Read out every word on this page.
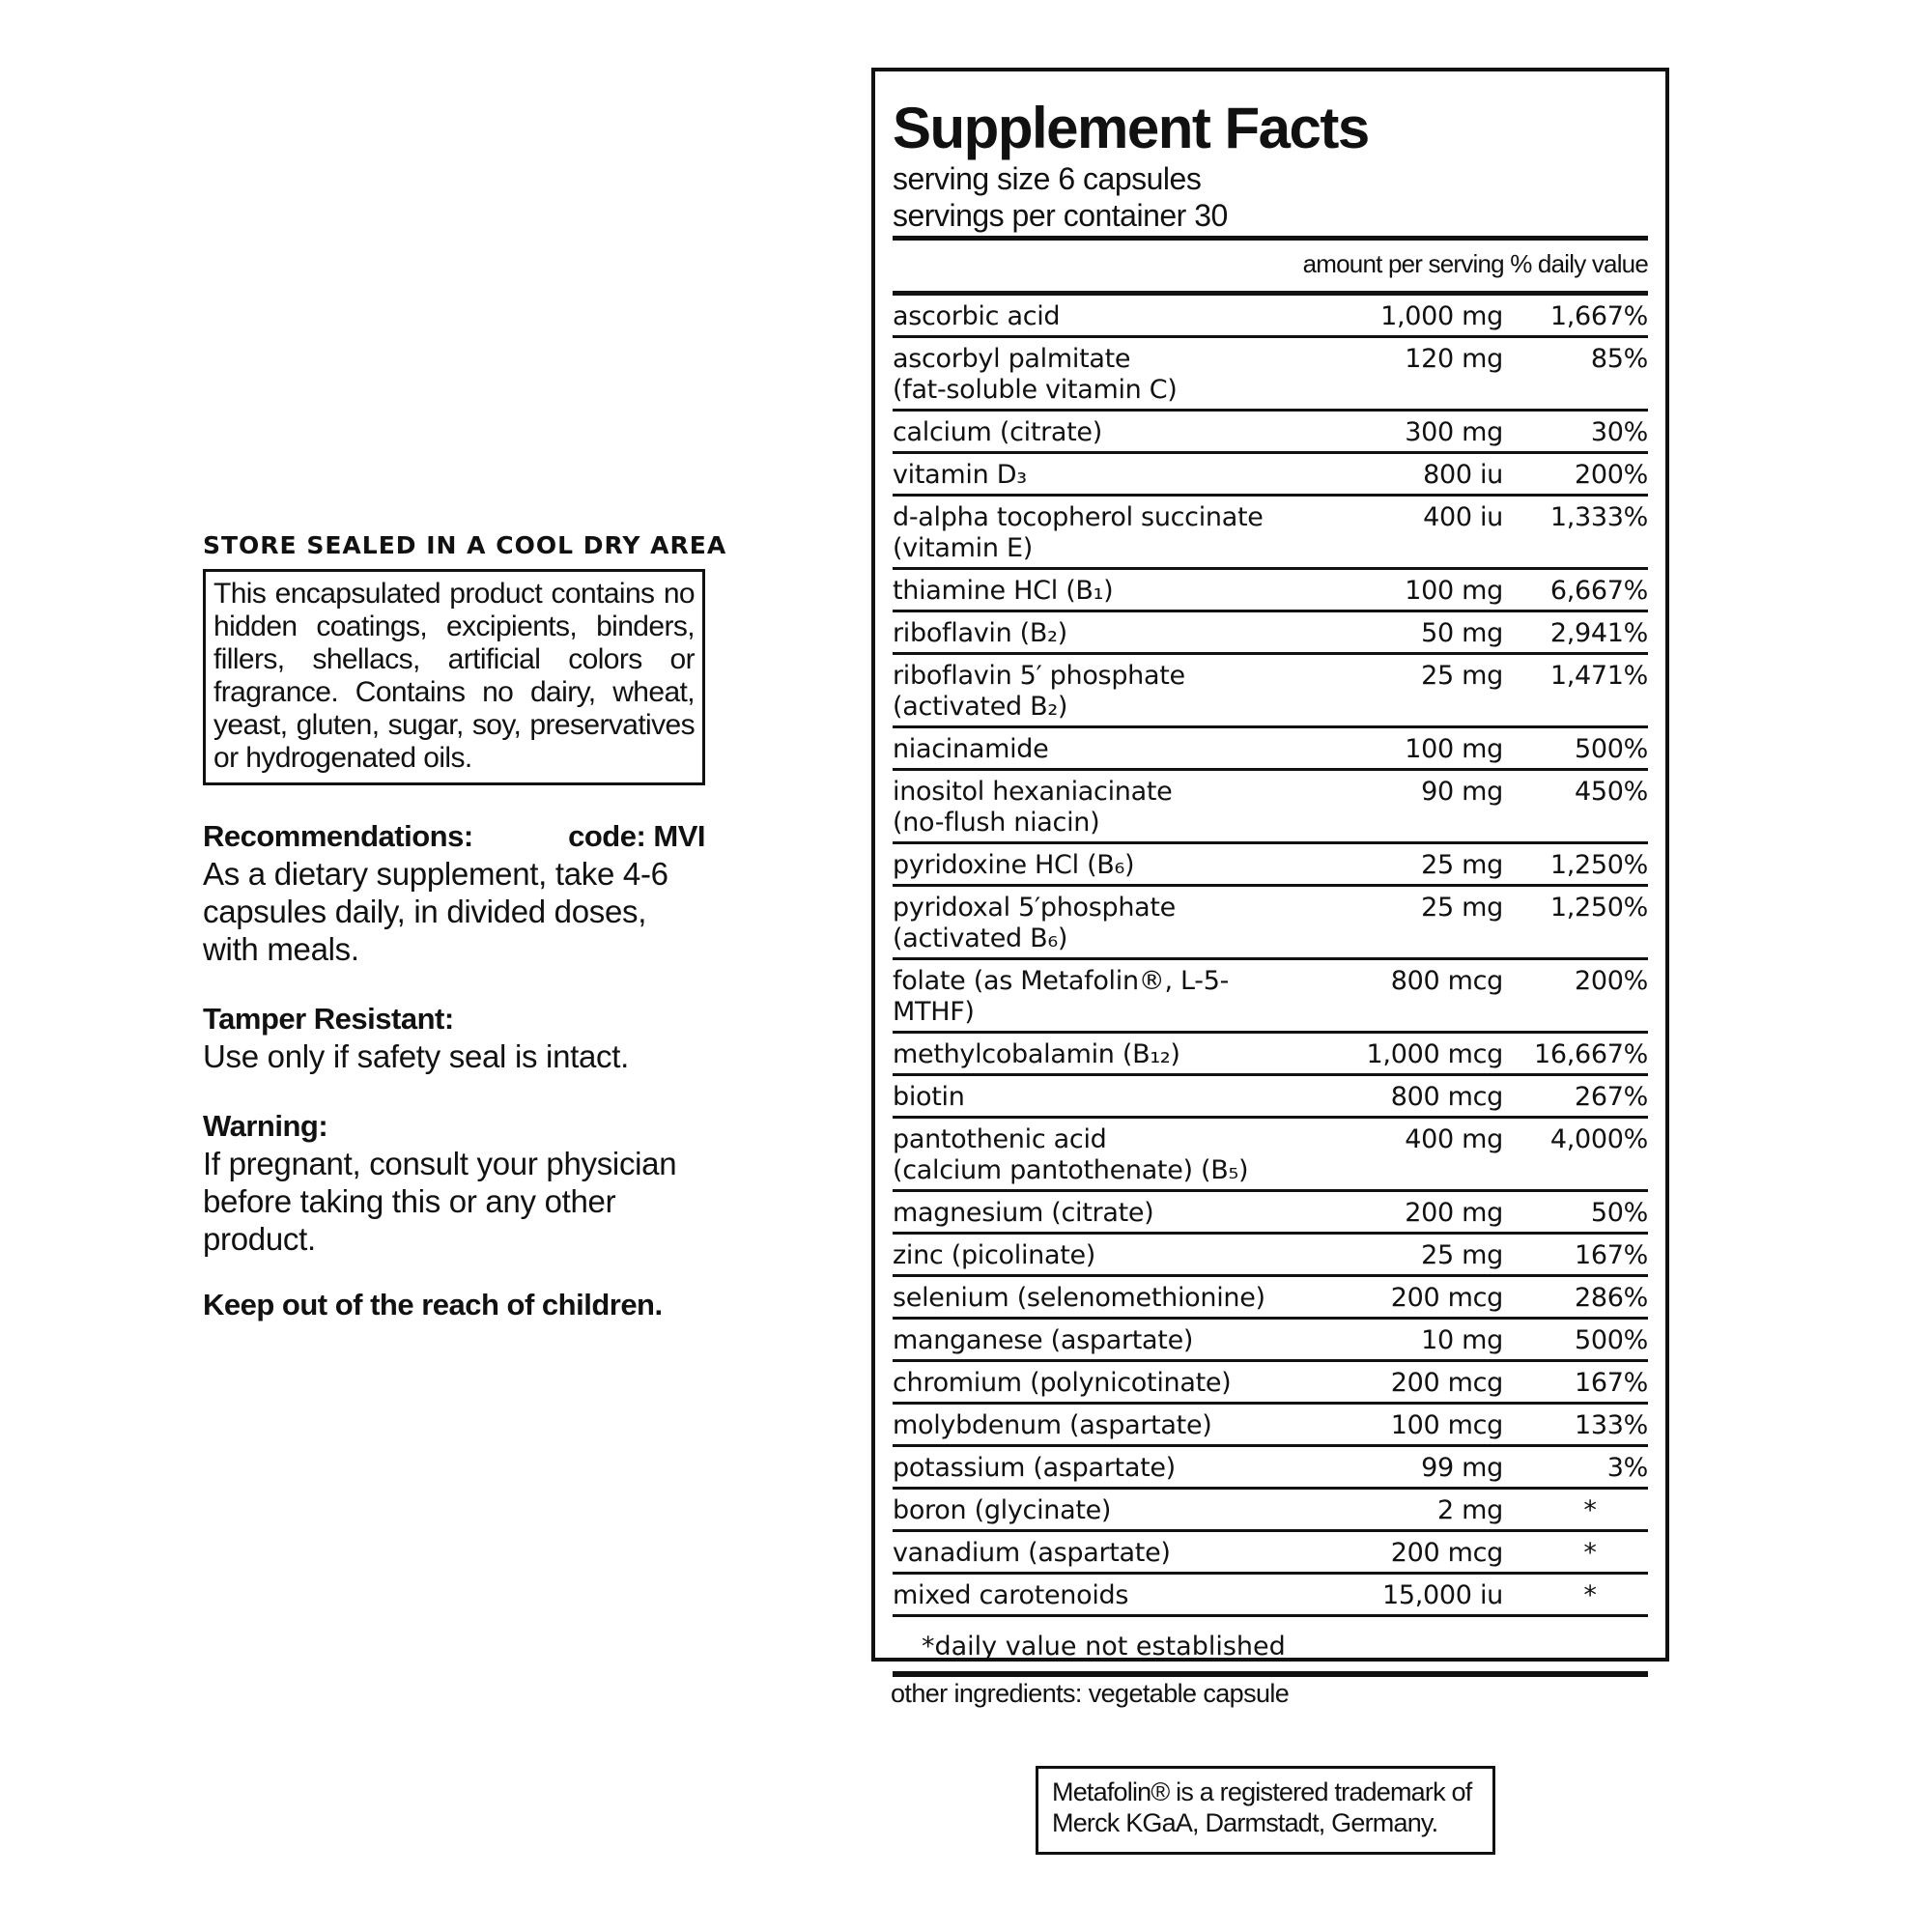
STORE SEALED IN A COOL DRY AREA
This encapsulated product contains no hidden coatings, excipients, binders, fillers, shellacs, artificial colors or fragrance. Contains no dairy, wheat, yeast, gluten, sugar, soy, preservatives or hydrogenated oils.
Recommendations:	code: MVI
As a dietary supplement, take 4-6 capsules daily, in divided doses, with meals.
Tamper Resistant:
Use only if safety seal is intact.
Warning:
If pregnant, consult your physician before taking this or any other product.
Keep out of the reach of children.
Supplement Facts
serving size 6 capsules
servings per container 30
amount per serving % daily value
ascorbic acid	1,000 mg	1,667%
ascorbyl palmitate
(fat-soluble vitamin C)
120 mg	85%
calcium (citrate)	300 mg	30%
vitamin D₃	800 iu	200%
d-alpha tocopherol succinate
(vitamin E)
400 iu	1,333%
thiamine HCl (B₁)	100 mg	6,667%
riboflavin (B₂)	50 mg	2,941%
riboflavin 5′ phosphate
(activated B₂)
25 mg	1,471%
niacinamide	100 mg	500%
inositol hexaniacinate
(no-flush niacin)
90 mg	450%
pyridoxine HCl (B₆)	25 mg	1,250%
pyridoxal 5′phosphate
(activated B₆)
25 mg	1,250%
folate (as Metafolin®, L-5-MTHF)
800 mcg	200%
methylcobalamin (B₁₂)	1,000 mcg	16,667%
biotin	800 mcg	267%
pantothenic acid
(calcium pantothenate) (B₅)
400 mg	4,000%
magnesium (citrate)	200 mg	50%
zinc (picolinate)	25 mg	167%
selenium (selenomethionine)	200 mcg	286%
manganese (aspartate)	10 mg	500%
chromium (polynicotinate)	200 mcg	167%
molybdenum (aspartate)	100 mcg	133%
potassium (aspartate)	99 mg	3%
boron (glycinate)	2 mg	*
vanadium (aspartate)	200 mcg	*
mixed carotenoids	15,000 iu	*
*daily value not established
other ingredients: vegetable capsule
Metafolin® is a registered trademark of
Merck KGaA, Darmstadt, Germany.
